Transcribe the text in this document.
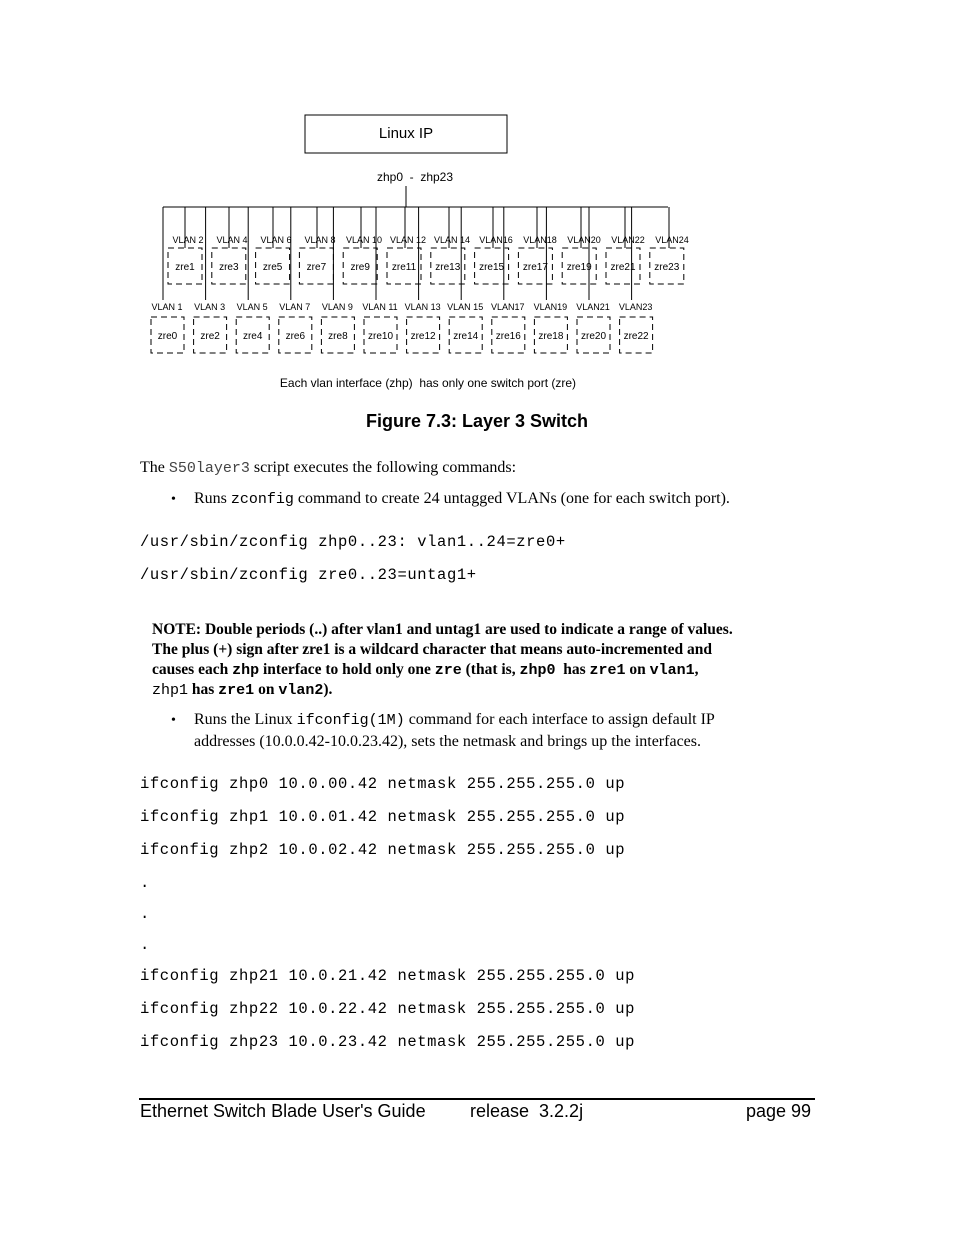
Linux IP
zhp0  -  zhp23
VLAN 1
zre0
VLAN 3
zre2
VLAN 5
zre4
VLAN 7
zre6
VLAN 9
zre8
VLAN 11
zre10
VLAN 13
zre12
VLAN 15
zre14
VLAN17
zre16
VLAN19
zre18
VLAN21
zre20
VLAN23
zre22
VLAN 2
zre1
VLAN 4
zre3
VLAN 6
zre5
VLAN 8
zre7
VLAN 10
zre9
VLAN 12
zre11
VLAN 14
zre13
VLAN16
zre15
VLAN18
zre17
VLAN20
zre19
VLAN22
zre21
VLAN24
zre23
Each vlan interface (zhp)  has only one switch port (zre)
Figure 7.3: Layer 3 Switch
The S50layer3 script executes the following commands:
• Runs zconfig command to create 24 untagged VLANs (one for each switch port).
/usr/sbin/zconfig zhp0..23: vlan1..24=zre0+
/usr/sbin/zconfig zre0..23=untag1+
NOTE: Double periods (..) after vlan1 and untag1 are used to indicate a range of values.
The plus (+) sign after zre1 is a wildcard character that means auto-incremented and
causes each zhp interface to hold only one zre (that is, zhp0  has zre1 on vlan1,
zhp1 has zre1 on vlan2).
• Runs the Linux ifconfig(1M) command for each interface to assign default IP
addresses (10.0.0.42-10.0.23.42), sets the netmask and brings up the interfaces.
ifconfig zhp0 10.0.00.42 netmask 255.255.255.0 up
ifconfig zhp1 10.0.01.42 netmask 255.255.255.0 up
ifconfig zhp2 10.0.02.42 netmask 255.255.255.0 up
.
.
.
ifconfig zhp21 10.0.21.42 netmask 255.255.255.0 up
ifconfig zhp22 10.0.22.42 netmask 255.255.255.0 up
ifconfig zhp23 10.0.23.42 netmask 255.255.255.0 up
Ethernet Switch Blade User's Guide release  3.2.2j	page 99
